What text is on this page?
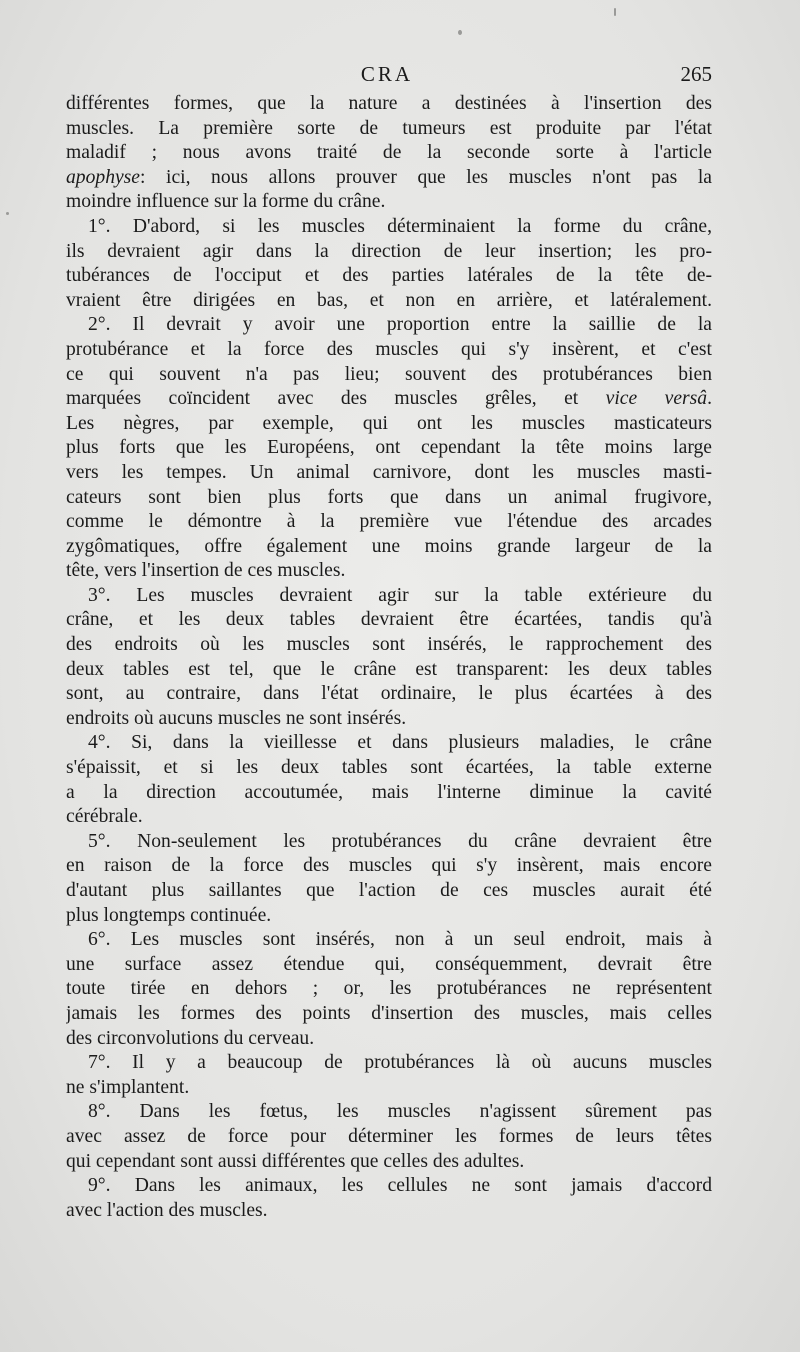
CRA	265
différentes formes, que la nature a destinées à l'insertion des
muscles. La première sorte de tumeurs est produite par l'état
maladif ; nous avons traité de la seconde sorte à l'article
apophyse: ici, nous allons prouver que les muscles n'ont pas la
moindre influence sur la forme du crâne.
1°. D'abord, si les muscles déterminaient la forme du crâne,
ils devraient agir dans la direction de leur insertion; les pro-
tubérances de l'occiput et des parties latérales de la tête de-
vraient être dirigées en bas, et non en arrière, et latéralement.
2°. Il devrait y avoir une proportion entre la saillie de la
protubérance et la force des muscles qui s'y insèrent, et c'est
ce qui souvent n'a pas lieu; souvent des protubérances bien
marquées coïncident avec des muscles grêles, et vice versâ.
Les nègres, par exemple, qui ont les muscles masticateurs
plus forts que les Européens, ont cependant la tête moins large
vers les tempes. Un animal carnivore, dont les muscles masti-
cateurs sont bien plus forts que dans un animal frugivore,
comme le démontre à la première vue l'étendue des arcades
zygômatiques, offre également une moins grande largeur de la
tête, vers l'insertion de ces muscles.
3°. Les muscles devraient agir sur la table extérieure du
crâne, et les deux tables devraient être écartées, tandis qu'à
des endroits où les muscles sont insérés, le rapprochement des
deux tables est tel, que le crâne est transparent: les deux tables
sont, au contraire, dans l'état ordinaire, le plus écartées à des
endroits où aucuns muscles ne sont insérés.
4°. Si, dans la vieillesse et dans plusieurs maladies, le crâne
s'épaissit, et si les deux tables sont écartées, la table externe
a la direction accoutumée, mais l'interne diminue la cavité
cérébrale.
5°. Non-seulement les protubérances du crâne devraient être
en raison de la force des muscles qui s'y insèrent, mais encore
d'autant plus saillantes que l'action de ces muscles aurait été
plus longtemps continuée.
6°. Les muscles sont insérés, non à un seul endroit, mais à
une surface assez étendue qui, conséquemment, devrait être
toute tirée en dehors ; or, les protubérances ne représentent
jamais les formes des points d'insertion des muscles, mais celles
des circonvolutions du cerveau.
7°. Il y a beaucoup de protubérances là où aucuns muscles
ne s'implantent.
8°. Dans les fœtus, les muscles n'agissent sûrement pas
avec assez de force pour déterminer les formes de leurs têtes
qui cependant sont aussi différentes que celles des adultes.
9°. Dans les animaux, les cellules ne sont jamais d'accord
avec l'action des muscles.
